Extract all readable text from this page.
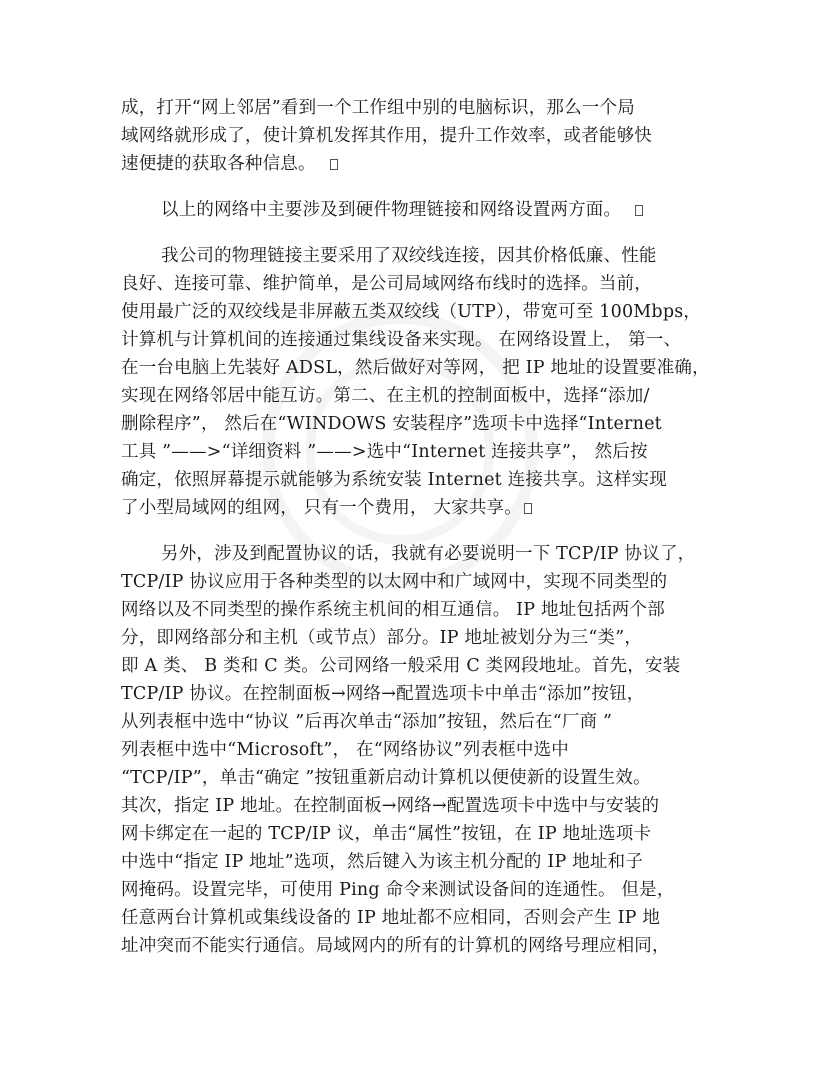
成，打开“网上邻居”看到一个工作组中别的电脑标识，那么一个局
域网络就形成了，使计算机发挥其作用，提升工作效率，或者能够快
速便捷的获取各种信息。
以上的网络中主要涉及到硬件物理链接和网络设置两方面。
我公司的物理链接主要采用了双绞线连接，因其价格低廉、性能
良好、连接可靠、维护简单，是公司局域网络布线时的选择。当前，
使用最广泛的双绞线是非屏蔽五类双绞线（UTP），带宽可至 100Mbps，
计算机与计算机间的连接通过集线设备来实现。 在网络设置上， 第一、
在一台电脑上先装好 ADSL，然后做好对等网， 把 IP 地址的设置要准确，
实现在网络邻居中能互访。第二、在主机的控制面板中，选择“添加/
删除程序”， 然后在“WINDOWS 安装程序”选项卡中选择“Internet
工具 ”——>“详细资料 ”——>选中“Internet 连接共享”， 然后按
确定，依照屏幕提示就能够为系统安装 Internet 连接共享。这样实现
了小型局域网的组网， 只有一个费用， 大家共享。
另外，涉及到配置协议的话，我就有必要说明一下 TCP/IP 协议了，
TCP/IP 协议应用于各种类型的以太网中和广域网中，实现不同类型的
网络以及不同类型的操作系统主机间的相互通信。 IP 地址包括两个部
分，即网络部分和主机（或节点）部分。IP 地址被划分为三“类”，
即 A 类、 B 类和 C 类。公司网络一般采用 C 类网段地址。首先，安装
TCP/IP 协议。在控制面板→网络→配置选项卡中单击“添加”按钮，
从列表框中选中“协议 ”后再次单击“添加”按钮，然后在“厂商 ”
列表框中选中“Microsoft”， 在“网络协议”列表框中选中
“TCP/IP”，单击“确定 ”按钮重新启动计算机以便使新的设置生效。
其次，指定 IP 地址。在控制面板→网络→配置选项卡中选中与安装的
网卡绑定在一起的 TCP/IP 议，单击“属性”按钮，在 IP 地址选项卡
中选中“指定 IP 地址”选项，然后键入为该主机分配的 IP 地址和子
网掩码。设置完毕，可使用 Ping 命令来测试设备间的连通性。 但是，
任意两台计算机或集线设备的 IP 地址都不应相同，否则会产生 IP 地
址冲突而不能实行通信。局域网内的所有的计算机的网络号理应相同，
